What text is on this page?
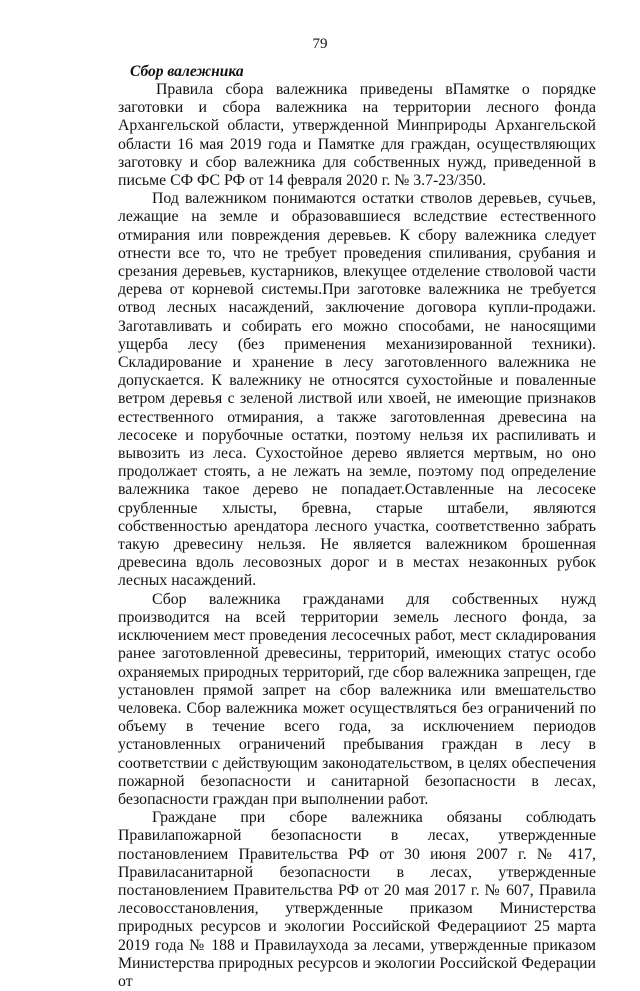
79
Сбор валежника

Правила сбора валежника приведены вПамятке о порядке заготовки и сбора валежника на территории лесного фонда Архангельской области, утвержденной Минприроды Архангельской области 16 мая 2019 года и Памятке для граждан, осуществляющих заготовку и сбор валежника для собственных нужд, приведенной в письме СФ ФС РФ от 14 февраля 2020 г. № 3.7-23/350.

Под валежником понимаются остатки стволов деревьев, сучьев, лежащие на земле и образовавшиеся вследствие естественного отмирания или повреждения деревьев. К сбору валежника следует отнести все то, что не требует проведения спиливания, срубания и срезания деревьев, кустарников, влекущее отделение стволовой части дерева от корневой системы.При заготовке валежника не требуется отвод лесных насаждений, заключение договора купли-продажи. Заготавливать и собирать его можно способами, не наносящими ущерба лесу (без применения механизированной техники). Складирование и хранение в лесу заготовленного валежника не допускается. К валежнику не относятся сухостойные и поваленные ветром деревья с зеленой листвой или хвоей, не имеющие признаков естественного отмирания, а также заготовленная древесина на лесосеке и порубочные остатки, поэтому нельзя их распиливать и вывозить из леса. Сухостойное дерево является мертвым, но оно продолжает стоять, а не лежать на земле, поэтому под определение валежника такое дерево не попадает.Оставленные на лесосеке срубленные хлысты, бревна, старые штабели, являются собственностью арендатора лесного участка, соответственно забрать такую древесину нельзя. Не является валежником брошенная древесина вдоль лесовозных дорог и в местах незаконных рубок лесных насаждений.

Сбор валежника гражданами для собственных нужд производится на всей территории земель лесного фонда, за исключением мест проведения лесосечных работ, мест складирования ранее заготовленной древесины, территорий, имеющих статус особо охраняемых природных территорий, где сбор валежника запрещен, где установлен прямой запрет на сбор валежника или вмешательство человека. Сбор валежника может осуществляться без ограничений по объему в течение всего года, за исключением периодов установленных ограничений пребывания граждан в лесу в соответствии с действующим законодательством, в целях обеспечения пожарной безопасности и санитарной безопасности в лесах, безопасности граждан при выполнении работ.

Граждане при сборе валежника обязаны соблюдать Правилапожарной безопасности в лесах, утвержденные постановлением Правительства РФ от 30 июня 2007 г. № 417, Правиласанитарной безопасности в лесах, утвержденные постановлением Правительства РФ от 20 мая 2017 г. № 607, Правила лесовосстановления, утвержденные приказом Министерства природных ресурсов и экологии Российской Федерацииот 25 марта 2019 года № 188 и Правилаухода за лесами, утвержденные приказом Министерства природных ресурсов и экологии Российской Федерации от
